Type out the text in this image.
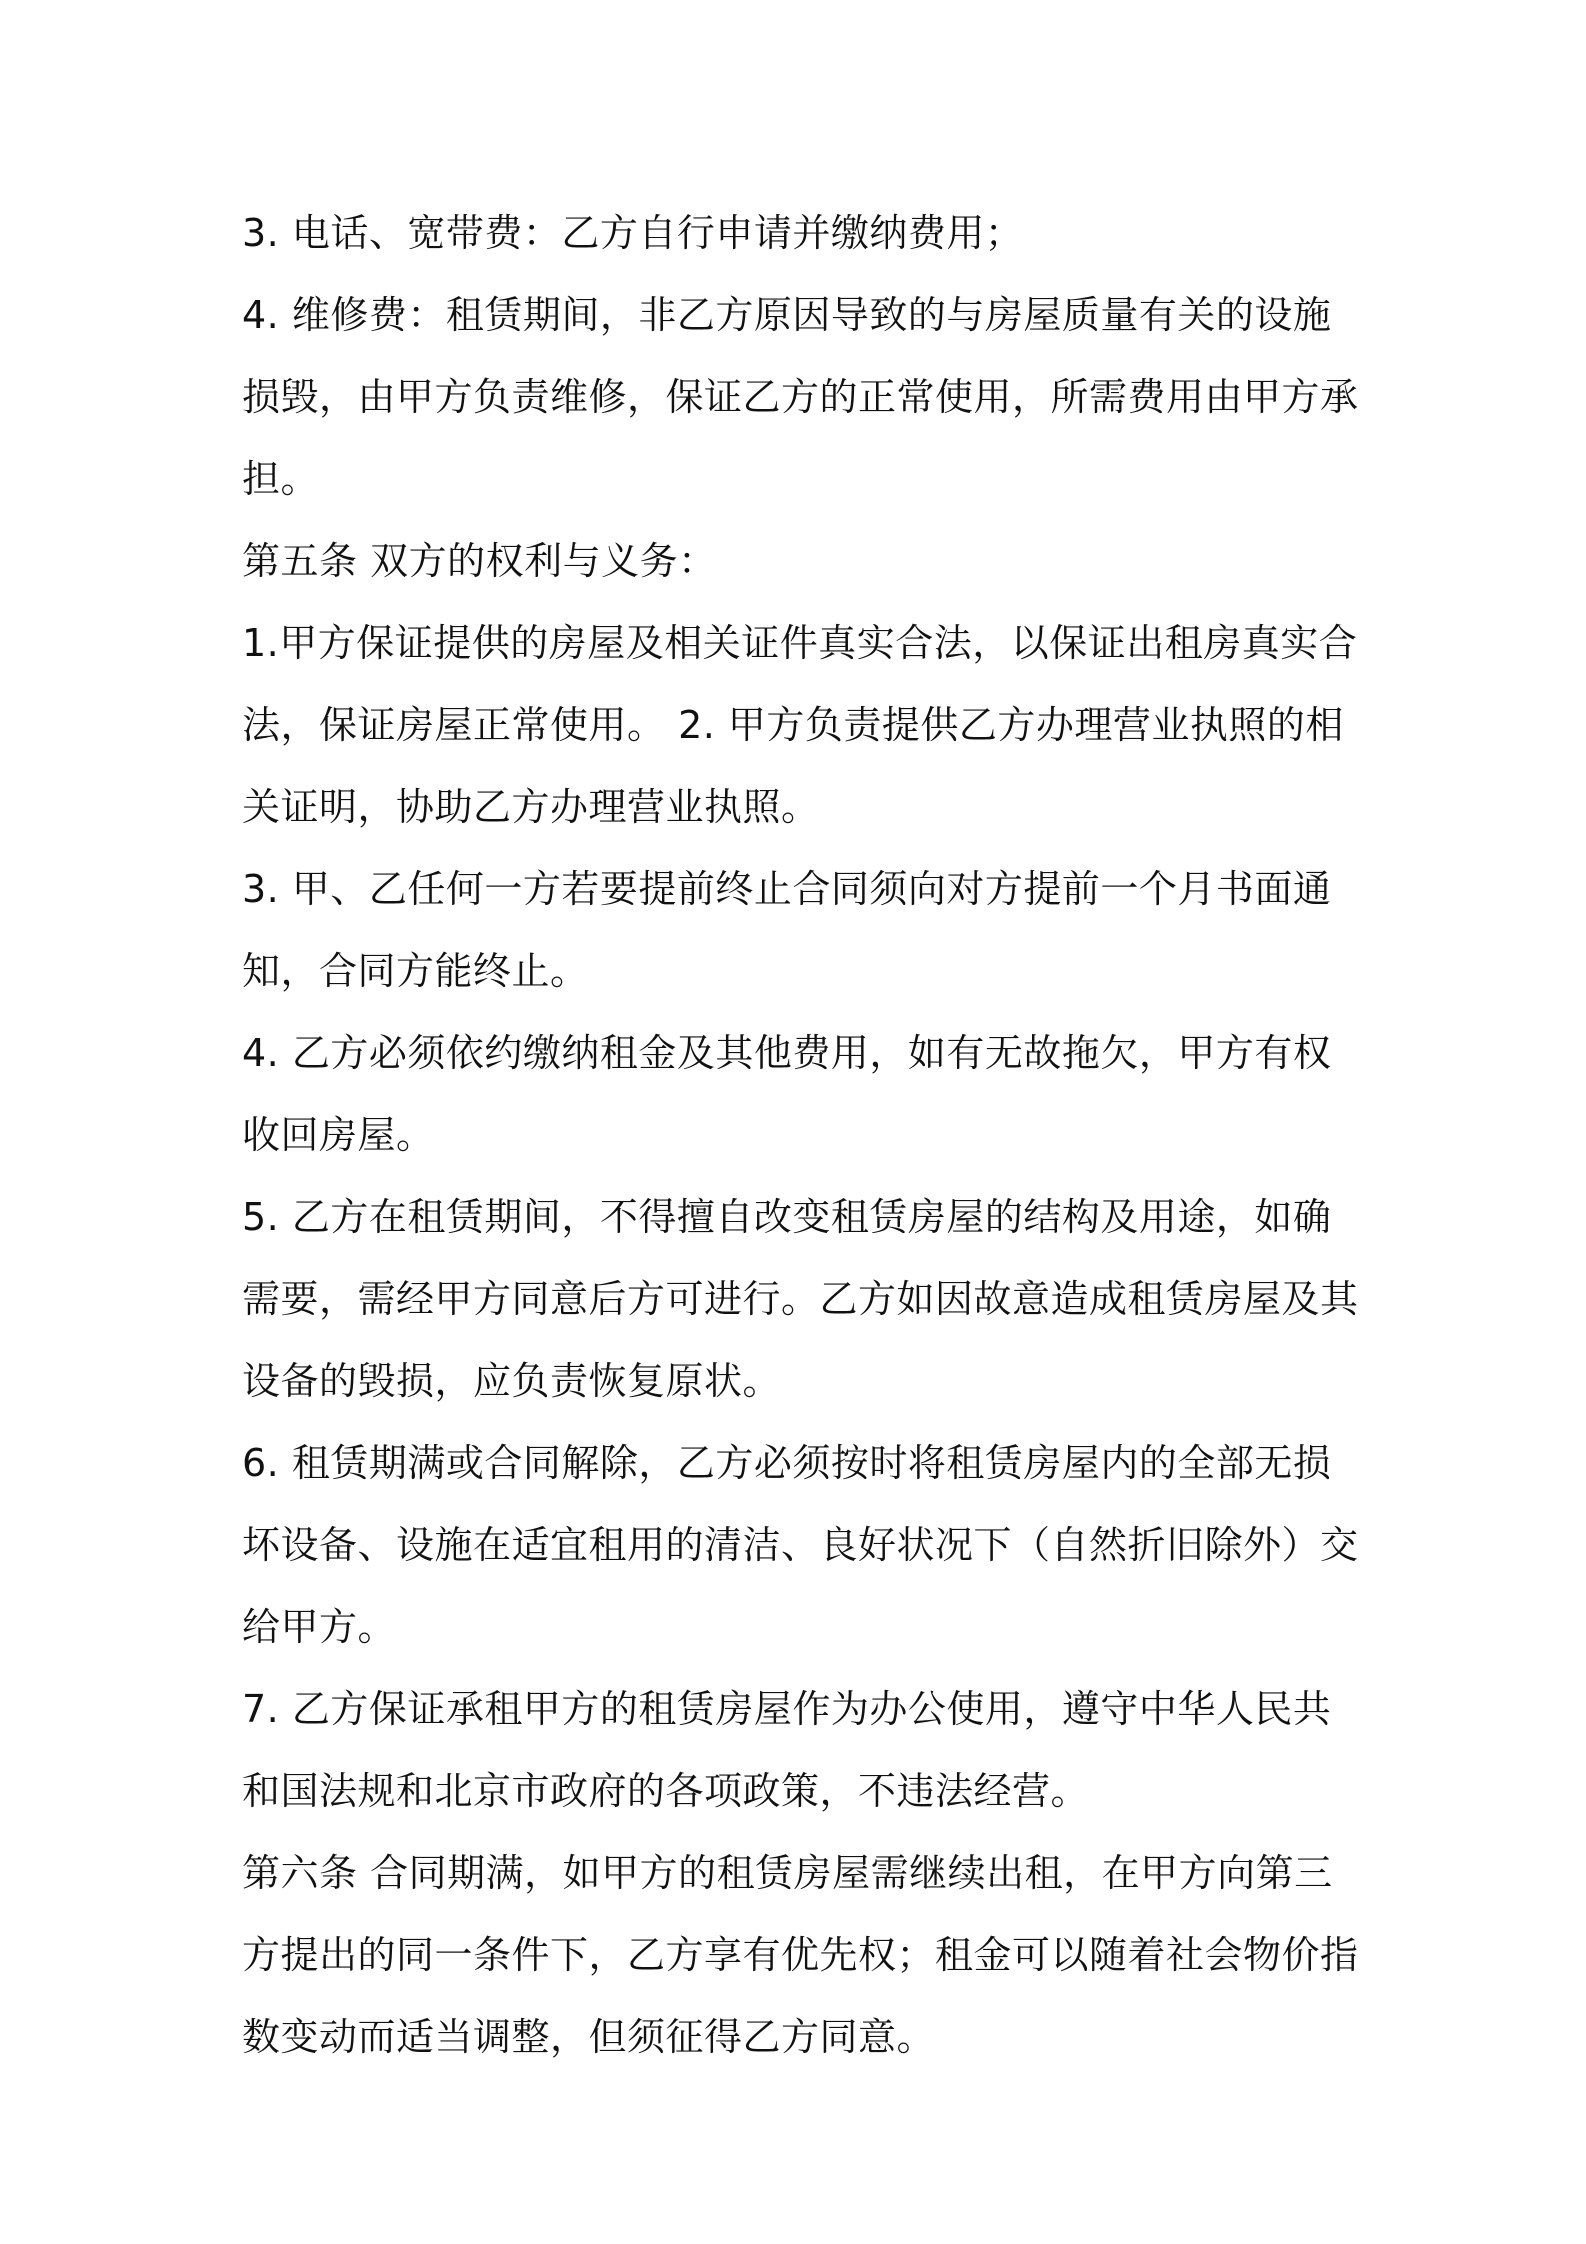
3. 电话、宽带费：乙方自行申请并缴纳费用；

4. 维修费：租赁期间，非乙方原因导致的与房屋质量有关的设施损毁，由甲方负责维修，保证乙方的正常使用，所需费用由甲方承担。

第五条 双方的权利与义务：

1.甲方保证提供的房屋及相关证件真实合法，以保证出租房真实合法，保证房屋正常使用。 2. 甲方负责提供乙方办理营业执照的相关证明，协助乙方办理营业执照。

3. 甲、乙任何一方若要提前终止合同须向对方提前一个月书面通知，合同方能终止。

4. 乙方必须依约缴纳租金及其他费用，如有无故拖欠，甲方有权收回房屋。

5. 乙方在租赁期间，不得擅自改变租赁房屋的结构及用途，如确需要，需经甲方同意后方可进行。乙方如因故意造成租赁房屋及其设备的毁损，应负责恢复原状。

6. 租赁期满或合同解除，乙方必须按时将租赁房屋内的全部无损坏设备、设施在适宜租用的清洁、良好状况下（自然折旧除外）交给甲方。

7. 乙方保证承租甲方的租赁房屋作为办公使用，遵守中华人民共和国法规和北京市政府的各项政策，不违法经营。

第六条 合同期满，如甲方的租赁房屋需继续出租，在甲方向第三方提出的同一条件下，乙方享有优先权；租金可以随着社会物价指数变动而适当调整，但须征得乙方同意。
